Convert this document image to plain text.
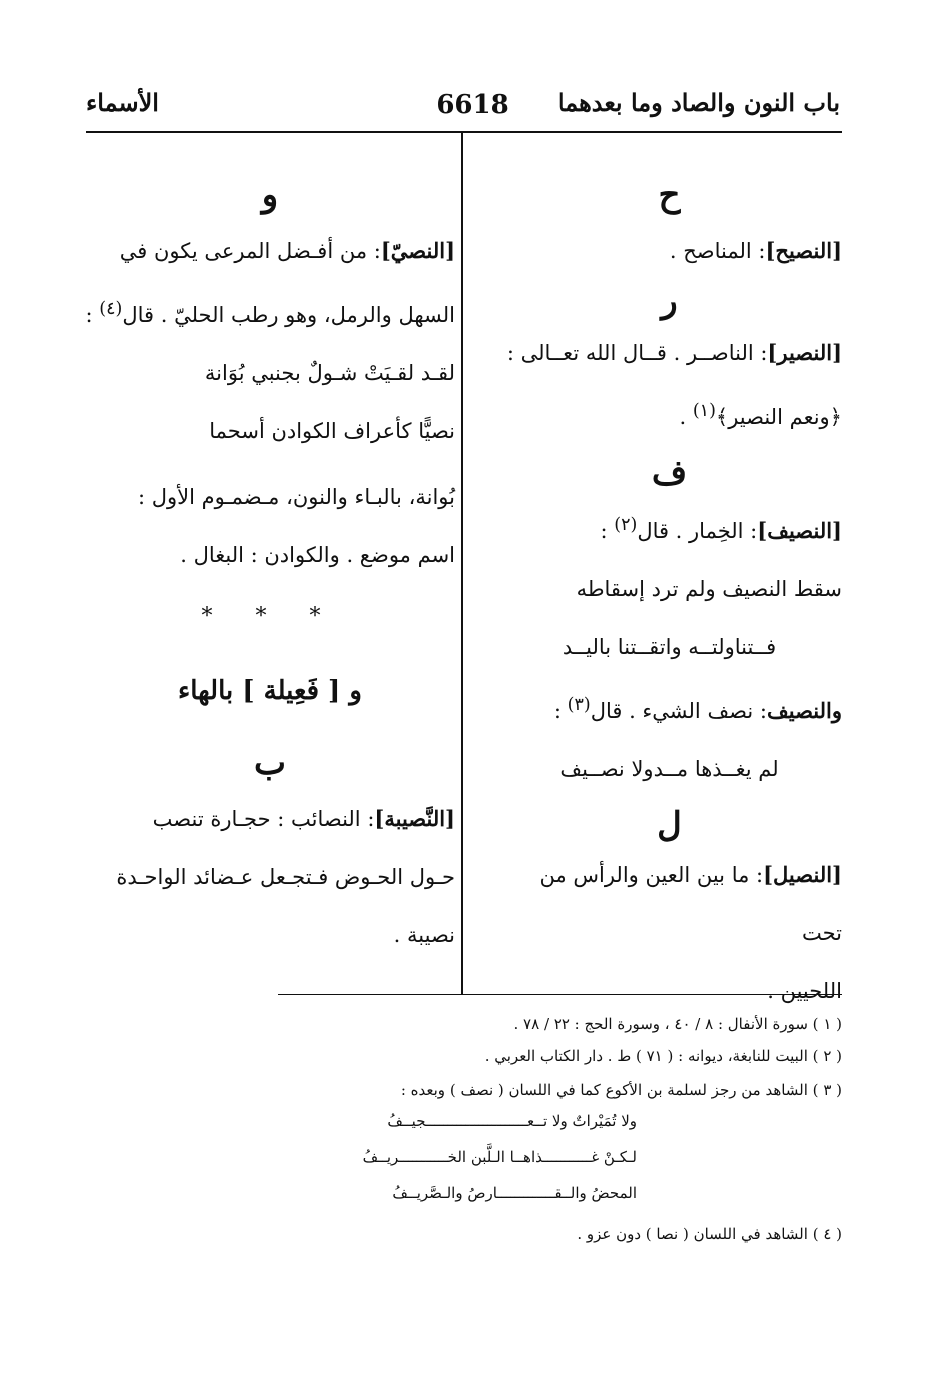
باب النون والصاد وما بعدهما
6618
الأسماء
ح

[النصيح]: المناصح .

ر

[النصير]: الناصــر . قــال الله تعــالى :
﴿ونعم النصير﴾$^{(١)}$ .

ف

[النصيف]: الخِمار . قال$^{(٢)}$ :

سقط النصيف ولم ترد إسقاطه

فــتناولتــه واتقــتنا باليــد

والنصيف: نصف الشيء . قال$^{(٣)}$ :

لم يغــذها مــدولا نصــيف

ل

[النصيل]: ما بين العين والرأس من تحت
اللحيين .

و

[النصيّ]: من أفـضل المرعى يكون في
السهل والرمل، وهو رطب الحليّ . قال$^{(٤)}$ :

لقـد لقـيَتْ شـولٌ بجنبي بُوَانة

نصيًّا كأعراف الكوادن أسحما

بُوانة، بالبـاء والنون، مـضمـوم الأول :
اسم موضع . والكوادن : البغال .

* * *
و [ فَعِيلة ] بالهاء
ب

[النَّصيبة]: النصائب : حجـارة تنصب
حـول الحـوض فـتجـعل عـضائد الواحـدة
نصيبة .

( ١ ) سورة الأنفال : ٨ / ٤٠ ، وسورة الحج : ٢٢ / ٧٨ .
( ٢ ) البيت للنابغة، ديوانه : ( ٧١ ) ط . دار الكتاب العربي .
( ٣ ) الشاهد من رجز لسلمة بن الأكوع كما في اللسان ( نصف ) وبعده :
ولا تُمَيْراتٌ ولا تــعـــــــــــــــــــــــجيــفُ
لـكـنْ غـــــــــــذاهــا الـلَّبن الخـــــــــــريــفُ
المحضُ والــقـــــــــــــارصُ والـصَّريــفُ
( ٤ ) الشاهد في اللسان ( نصا ) دون عزو .
